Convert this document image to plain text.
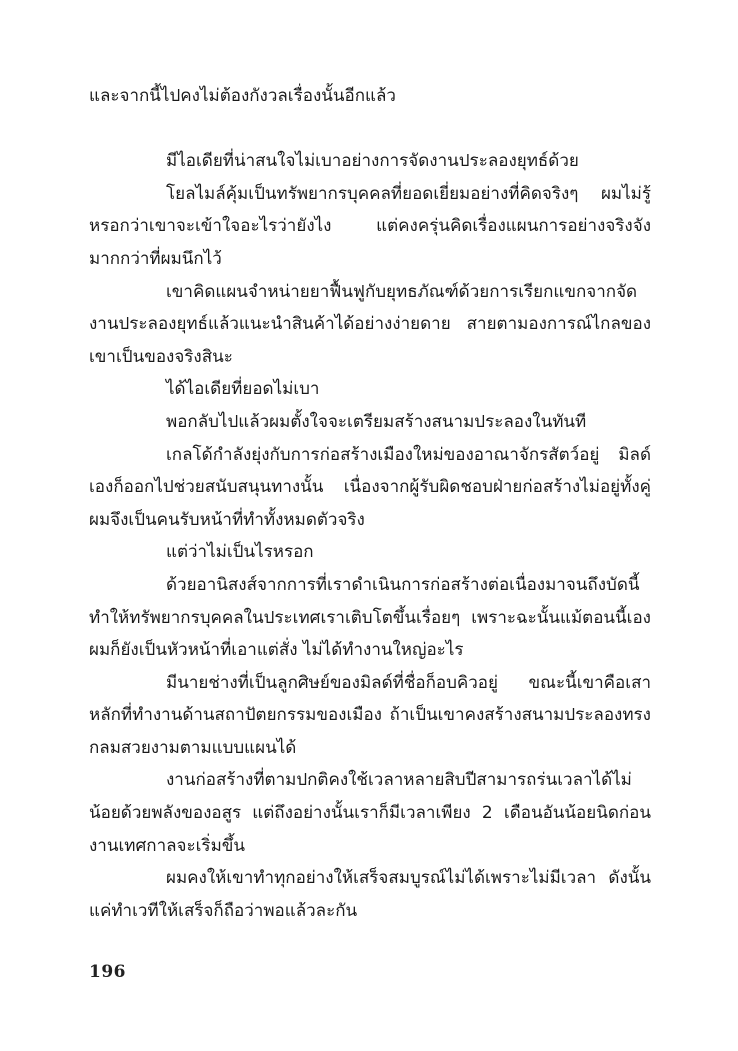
และจากนี้ไปคงไม่ต้องกังวลเรื่องนั้นอีกแล้ว

มีไอเดียที่น่าสนใจไม่เบาอย่างการจัดงานประลองยุทธ์ด้วย

โยลไมล์คุ้มเป็นทรัพยากรบุคคลที่ยอดเยี่ยมอย่างที่คิดจริงๆ ผมไม่รู้หรอกว่าเขาจะเข้าใจอะไรว่ายังไง แต่คงครุ่นคิดเรื่องแผนการอย่างจริงจังมากกว่าที่ผมนึกไว้

เขาคิดแผนจำหน่ายยาฟื้นฟูกับยุทธภัณฑ์ด้วยการเรียกแขกจากจัดงานประลองยุทธ์แล้วแนะนำสินค้าได้อย่างง่ายดาย สายตามองการณ์ไกลของเขาเป็นของจริงสินะ

ได้ไอเดียที่ยอดไม่เบา

พอกลับไปแล้วผมตั้งใจจะเตรียมสร้างสนามประลองในทันที

เกลโด้กำลังยุ่งกับการก่อสร้างเมืองใหม่ของอาณาจักรสัตว์อยู่ มิลด์เองก็ออกไปช่วยสนับสนุนทางนั้น เนื่องจากผู้รับผิดชอบฝ่ายก่อสร้างไม่อยู่ทั้งคู่ ผมจึงเป็นคนรับหน้าที่ทำทั้งหมดตัวจริง

แต่ว่าไม่เป็นไรหรอก

ด้วยอานิสงส์จากการที่เราดำเนินการก่อสร้างต่อเนื่องมาจนถึงบัดนี้ทำให้ทรัพยากรบุคคลในประเทศเราเติบโตขึ้นเรื่อยๆ เพราะฉะนั้นแม้ตอนนี้เองผมก็ยังเป็นหัวหน้าที่เอาแต่สั่ง ไม่ได้ทำงานใหญ่อะไร

มีนายช่างที่เป็นลูกศิษย์ของมิลด์ที่ชื่อก็อบคิวอยู่ ขณะนี้เขาคือเสาหลักที่ทำงานด้านสถาปัตยกรรมของเมือง ถ้าเป็นเขาคงสร้างสนามประลองทรงกลมสวยงามตามแบบแผนได้

งานก่อสร้างที่ตามปกติคงใช้เวลาหลายสิบปีสามารถร่นเวลาได้ไม่น้อยด้วยพลังของอสูร แต่ถึงอย่างนั้นเราก็มีเวลาเพียง 2 เดือนอันน้อยนิดก่อนงานเทศกาลจะเริ่มขึ้น

ผมคงให้เขาทำทุกอย่างให้เสร็จสมบูรณ์ไม่ได้เพราะไม่มีเวลา ดังนั้นแค่ทำเวทีให้เสร็จก็ถือว่าพอแล้วละกัน

196
